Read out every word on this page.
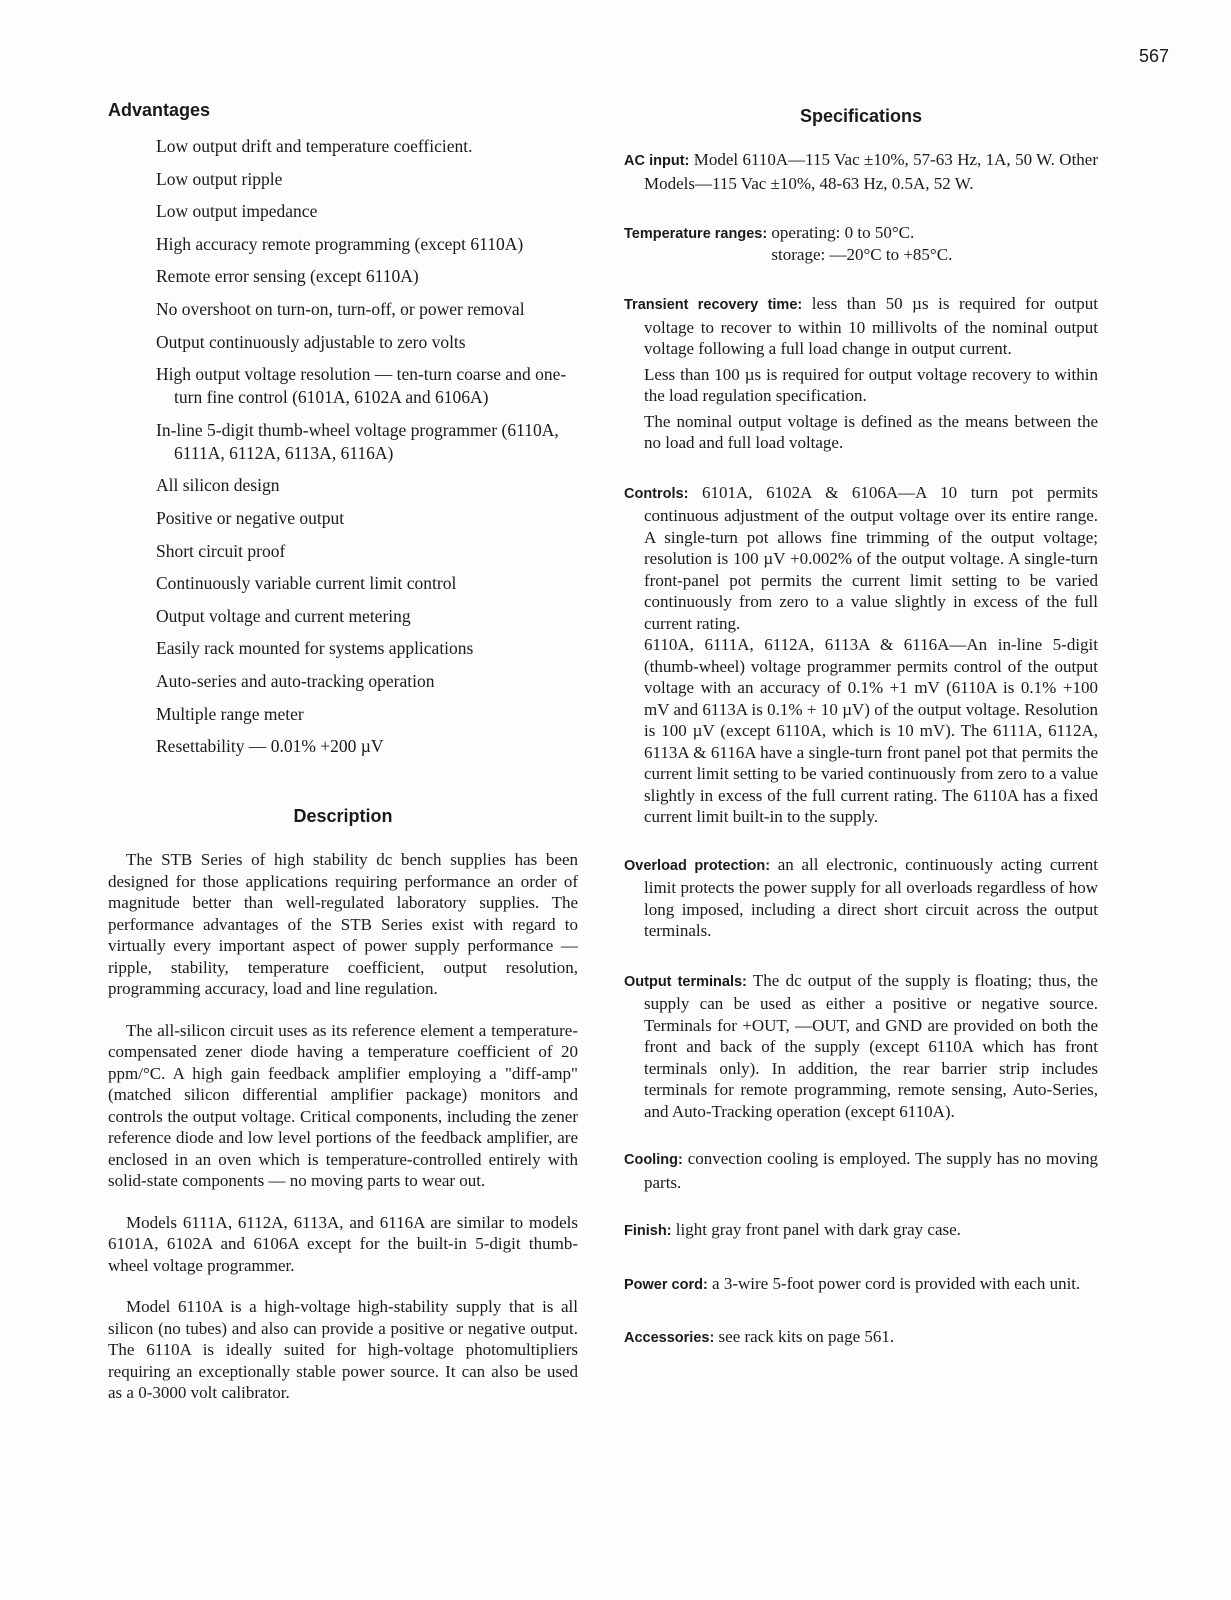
567
Advantages
Low output drift and temperature coefficient.
Low output ripple
Low output impedance
High accuracy remote programming (except 6110A)
Remote error sensing (except 6110A)
No overshoot on turn-on, turn-off, or power removal
Output continuously adjustable to zero volts
High output voltage resolution — ten-turn coarse and one-turn fine control (6101A, 6102A and 6106A)
In-line 5-digit thumb-wheel voltage programmer (6110A, 6111A, 6112A, 6113A, 6116A)
All silicon design
Positive or negative output
Short circuit proof
Continuously variable current limit control
Output voltage and current metering
Easily rack mounted for systems applications
Auto-series and auto-tracking operation
Multiple range meter
Resettability — 0.01% +200 µV
Description

The STB Series of high stability dc bench supplies has been designed for those applications requiring performance an order of magnitude better than well-regulated laboratory supplies. The performance advantages of the STB Series exist with regard to virtually every important aspect of power supply performance — ripple, stability, temperature coefficient, output resolution, programming accuracy, load and line regulation.

The all-silicon circuit uses as its reference element a temperature-compensated zener diode having a temperature coefficient of 20 ppm/°C. A high gain feedback amplifier employing a "diff-amp" (matched silicon differential amplifier package) monitors and controls the output voltage. Critical components, including the zener reference diode and low level portions of the feedback amplifier, are enclosed in an oven which is temperature-controlled entirely with solid-state components — no moving parts to wear out.

Models 6111A, 6112A, 6113A, and 6116A are similar to models 6101A, 6102A and 6106A except for the built-in 5-digit thumb-wheel voltage programmer.

Model 6110A is a high-voltage high-stability supply that is all silicon (no tubes) and also can provide a positive or negative output. The 6110A is ideally suited for high-voltage photomultipliers requiring an exceptionally stable power source. It can also be used as a 0-3000 volt calibrator.

Specifications
AC input: Model 6110A—115 Vac ±10%, 57-63 Hz, 1A, 50 W. Other Models—115 Vac ±10%, 48-63 Hz, 0.5A, 52 W.
Temperature ranges: operating: 0 to 50°C.
storage: —20°C to +85°C.
Transient recovery time: less than 50 µs is required for output voltage to recover to within 10 millivolts of the nominal output voltage following a full load change in output current.
Less than 100 µs is required for output voltage recovery to within the load regulation specification.
The nominal output voltage is defined as the means between the no load and full load voltage.
Controls: 6101A, 6102A & 6106A—A 10 turn pot permits continuous adjustment of the output voltage over its entire range. A single-turn pot allows fine trimming of the output voltage; resolution is 100 µV +0.002% of the output voltage. A single-turn front-panel pot permits the current limit setting to be varied continuously from zero to a value slightly in excess of the full current rating.
6110A, 6111A, 6112A, 6113A & 6116A—An in-line 5-digit (thumb-wheel) voltage programmer permits control of the output voltage with an accuracy of 0.1% +1 mV (6110A is 0.1% +100 mV and 6113A is 0.1% + 10 µV) of the output voltage. Resolution is 100 µV (except 6110A, which is 10 mV). The 6111A, 6112A, 6113A & 6116A have a single-turn front panel pot that permits the current limit setting to be varied continuously from zero to a value slightly in excess of the full current rating. The 6110A has a fixed current limit built-in to the supply.
Overload protection: an all electronic, continuously acting current limit protects the power supply for all overloads regardless of how long imposed, including a direct short circuit across the output terminals.
Output terminals: The dc output of the supply is floating; thus, the supply can be used as either a positive or negative source. Terminals for +OUT, —OUT, and GND are provided on both the front and back of the supply (except 6110A which has front terminals only). In addition, the rear barrier strip includes terminals for remote programming, remote sensing, Auto-Series, and Auto-Tracking operation (except 6110A).
Cooling: convection cooling is employed. The supply has no moving parts.
Finish: light gray front panel with dark gray case.
Power cord: a 3-wire 5-foot power cord is provided with each unit.
Accessories: see rack kits on page 561.
